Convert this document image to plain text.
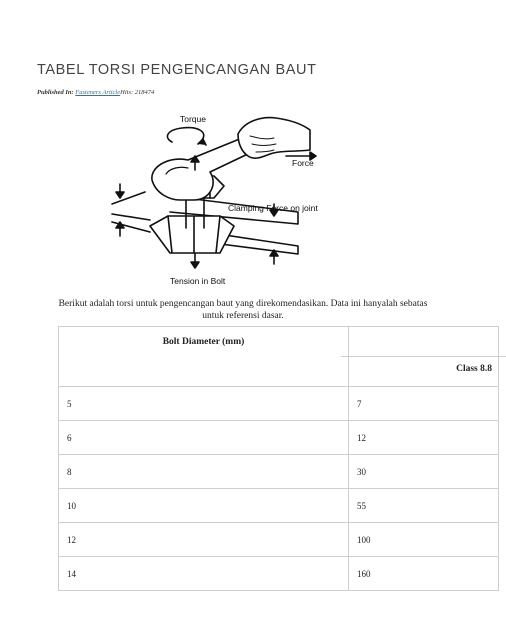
TABEL TORSI PENGENCANGAN BAUT
Published In: Fasteners ArticleHits: 218474
Torque
Force
Clamping Force on joint
Tension in Bolt
Berikut adalah torsi untuk pengencangan baut yang direkomendasikan. Data ini hanyalah sebatas untuk referensi dasar.
Bolt Diameter (mm)	Class 8.8

5	7
6	12
8	30
10	55
12	100
14	160
